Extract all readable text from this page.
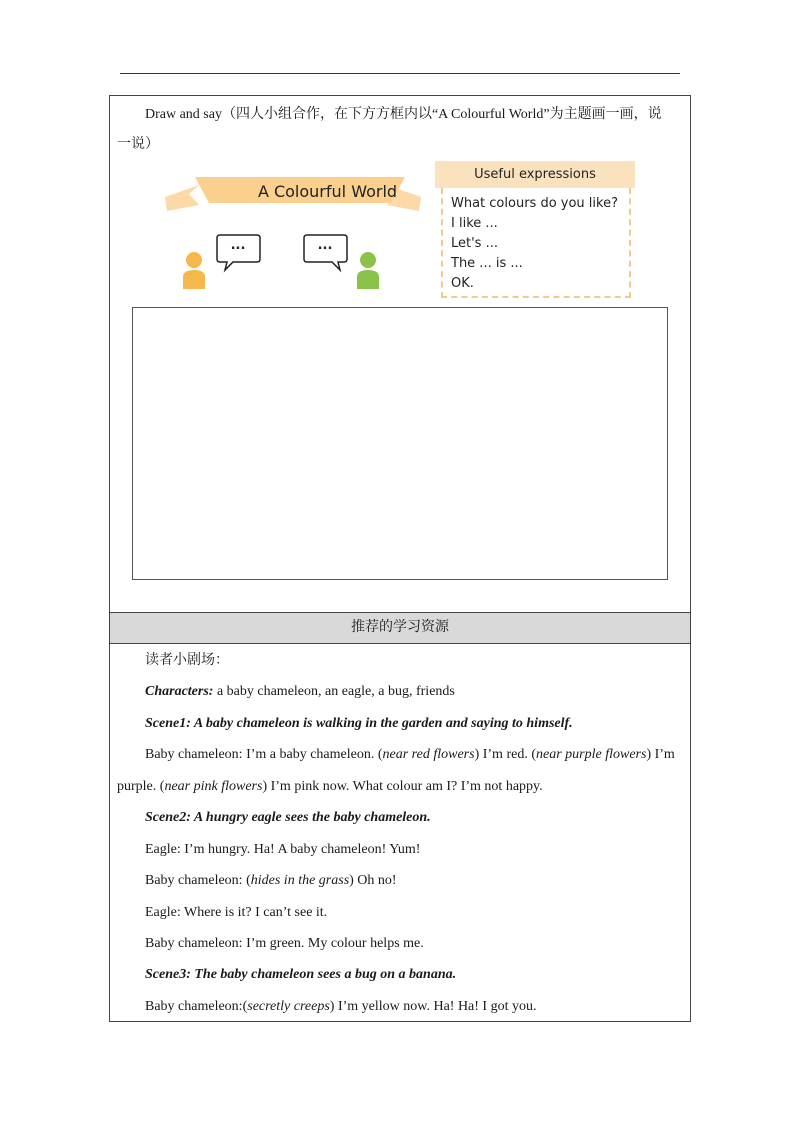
Draw and say（四人小组合作，在下方方框内以“A Colourful World”为主题画一画，说
一说）
A Colourful World
...	...
Useful expressions
What colours do you like?
I like ...
Let's ...
The ... is ...
OK.
推荐的学习资源
读者小剧场：
Characters: a baby chameleon, an eagle, a bug, friends
Scene1: A baby chameleon is walking in the garden and saying to himself.
Baby chameleon: I’m a baby chameleon. (near red flowers) I’m red. (near purple flowers) I’m
purple. (near pink flowers) I’m pink now. What colour am I? I’m not happy.
Scene2: A hungry eagle sees the baby chameleon.
Eagle: I’m hungry. Ha! A baby chameleon! Yum!
Baby chameleon: (hides in the grass) Oh no!
Eagle: Where is it? I can’t see it.
Baby chameleon: I’m green. My colour helps me.
Scene3: The baby chameleon sees a bug on a banana.
Baby chameleon:(secretly creeps) I’m yellow now. Ha! Ha! I got you.
